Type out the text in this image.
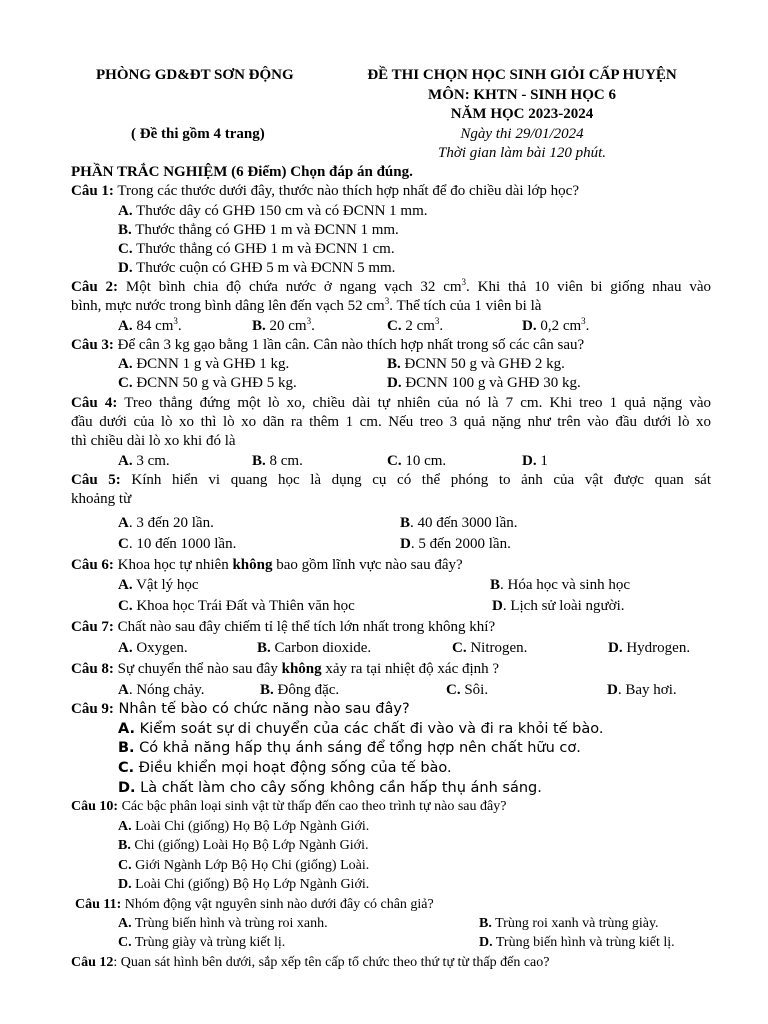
PHÒNG GD&ĐT SƠN ĐỘNG	ĐỀ THI CHỌN HỌC SINH GIỎI CẤP HUYỆN
MÔN: KHTN - SINH HỌC 6
NĂM HỌC 2023-2024
( Đề thi gồm 4 trang)	Ngày thi 29/01/2024
Thời gian làm bài 120 phút.
PHẦN TRẮC NGHIỆM (6 Điểm) Chọn đáp án đúng.
Câu 1: Trong các thước dưới đây, thước nào thích hợp nhất để đo chiều dài lớp học?
A. Thước dây có GHĐ 150 cm và có ĐCNN 1 mm.
B. Thước thẳng có GHĐ 1 m và ĐCNN 1 mm.
C. Thước thẳng có GHĐ 1 m và ĐCNN 1 cm.
D. Thước cuộn có GHĐ 5 m và ĐCNN 5 mm.
Câu 2: Một bình chia độ chứa nước ở ngang vạch 32 $cm^3$. Khi thả 10 viên bi giống nhau vào
bình, mực nước trong bình dâng lên đến vạch 52 $cm^3$. Thể tích của 1 viên bi là
A. 84 $cm^3$.	B. 20 $cm^3$.	C. 2 $cm^3$.	D. 0,2 $cm^3$.
Câu 3: Để cân 3 kg gạo bằng 1 lần cân. Cân nào thích hợp nhất trong số các cân sau?
A. ĐCNN 1 g và GHĐ 1 kg.	B. ĐCNN 50 g và GHĐ 2 kg.
C. ĐCNN 50 g và GHĐ 5 kg.	D. ĐCNN 100 g và GHĐ 30 kg.
Câu 4: Treo thẳng đứng một lò xo, chiều dài tự nhiên của nó là 7 cm. Khi treo 1 quả nặng vào
đầu dưới của lò xo thì lò xo dãn ra thêm 1 cm. Nếu treo 3 quả nặng như trên vào đầu dưới lò xo
thì chiều dài lò xo khi đó là
A. 3 cm.	B. 8 cm.	C. 10 cm.	D. 1
Câu 5: Kính hiển vi quang học là dụng cụ có thể phóng to ảnh của vật được quan sát
khoảng từ
A. 3 đến 20 lần.	B. 40 đến 3000 lần.
C. 10 đến 1000 lần.	D. 5 đến 2000 lần.
Câu 6: Khoa học tự nhiên không bao gồm lĩnh vực nào sau đây?
A. Vật lý học	B. Hóa học và sinh học
C. Khoa học Trái Đất và Thiên văn học	D. Lịch sử loài người.
Câu 7: Chất nào sau đây chiếm tỉ lệ thể tích lớn nhất trong không khí?
A. Oxygen.	B. Carbon dioxide.	C. Nitrogen.	D. Hydrogen.
Câu 8: Sự chuyển thể nào sau đây không xảy ra tại nhiệt độ xác định ?
A. Nóng chảy.	B. Đông đặc.	C. Sôi.	D. Bay hơi.
Câu 9: Nhân tế bào có chức năng nào sau đây?
A. Kiểm soát sự di chuyển của các chất đi vào và đi ra khỏi tế bào.
B. Có khả năng hấp thụ ánh sáng để tổng hợp nên chất hữu cơ.
C. Điều khiển mọi hoạt động sống của tế bào.
D. Là chất làm cho cây sống không cần hấp thụ ánh sáng.
Câu 10: Các bậc phân loại sinh vật từ thấp đến cao theo trình tự nào sau đây?
A. Loài Chi (giống) Họ Bộ Lớp Ngành Giới.
B. Chi (giống) Loài Họ Bộ Lớp Ngành Giới.
C. Giới Ngành Lớp Bộ Họ Chi (giống) Loài.
D. Loài Chi (giống) Bộ Họ Lớp Ngành Giới.
Câu 11: Nhóm động vật nguyên sinh nào dưới đây có chân giả?
A. Trùng biến hình và trùng roi xanh.	B. Trùng roi xanh và trùng giày.
C. Trùng giày và trùng kiết lị.	D. Trùng biến hình và trùng kiết lị.
Câu 12: Quan sát hình bên dưới, sắp xếp tên cấp tổ chức theo thứ tự từ thấp đến cao?
